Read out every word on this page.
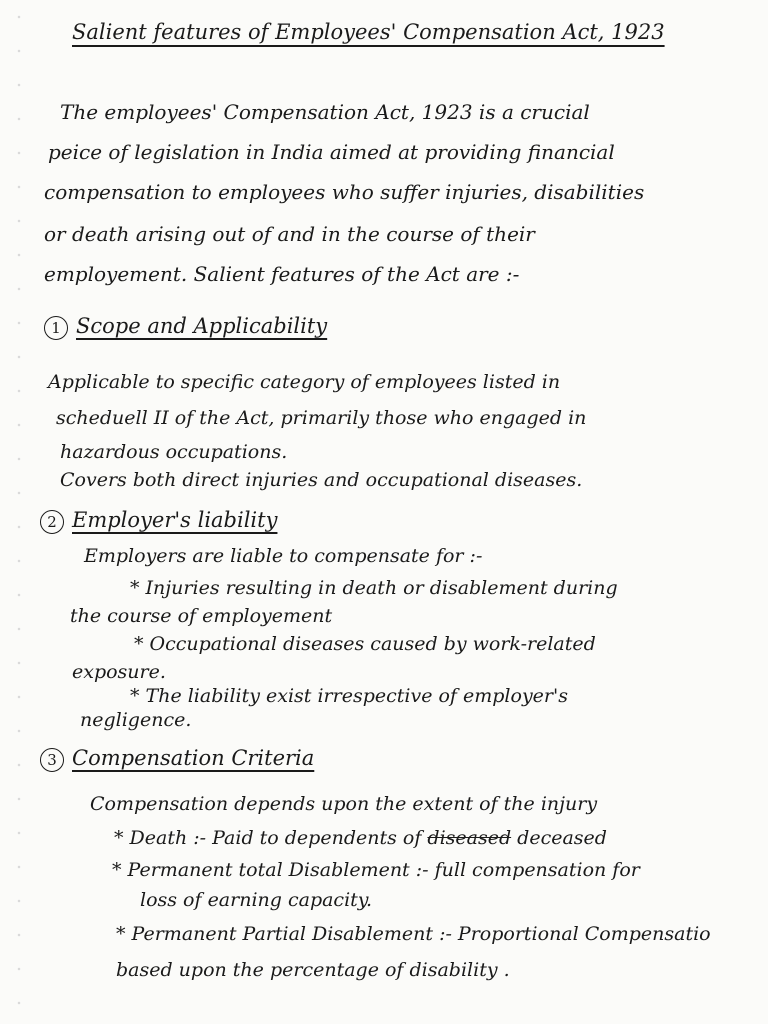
Salient features of Employees' Compensation Act, 1923
The employees' Compensation Act, 1923 is a crucial
peice of legislation in India aimed at providing financial
compensation to employees who suffer injuries, disabilities
or death arising out of and in the course of their
employement. Salient features of the Act are :-
1 Scope and Applicability
Applicable to specific category of employees listed in
scheduell II of the Act, primarily those who engaged in
hazardous occupations.
Covers both direct injuries and occupational diseases.
2 Employer's liability
Employers are liable to compensate for :-
* Injuries resulting in death or disablement during
the course of employement
* Occupational diseases caused by work-related
exposure.
* The liability exist irrespective of employer's
negligence.
3 Compensation Criteria
Compensation depends upon the extent of the injury
* Death :- Paid to dependents of diseased deceased
* Permanent total Disablement :- full compensation for
loss of earning capacity.
* Permanent Partial Disablement :- Proportional Compensatio
based upon the percentage of disability .
